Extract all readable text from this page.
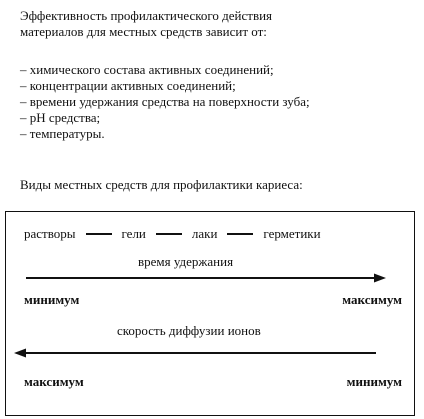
Эффективность профилактического действия
материалов для местных средств зависит от:
– химического состава активных соединений;
– концентрации активных соединений;
– времени удержания средства на поверхности зуба;
– pH средства;
– температуры.
Виды местных средств для профилактики кариеса:
растворы	гели	лаки	герметики
время удержания
минимум	максимум
скорость диффузии ионов
максимум	минимум
